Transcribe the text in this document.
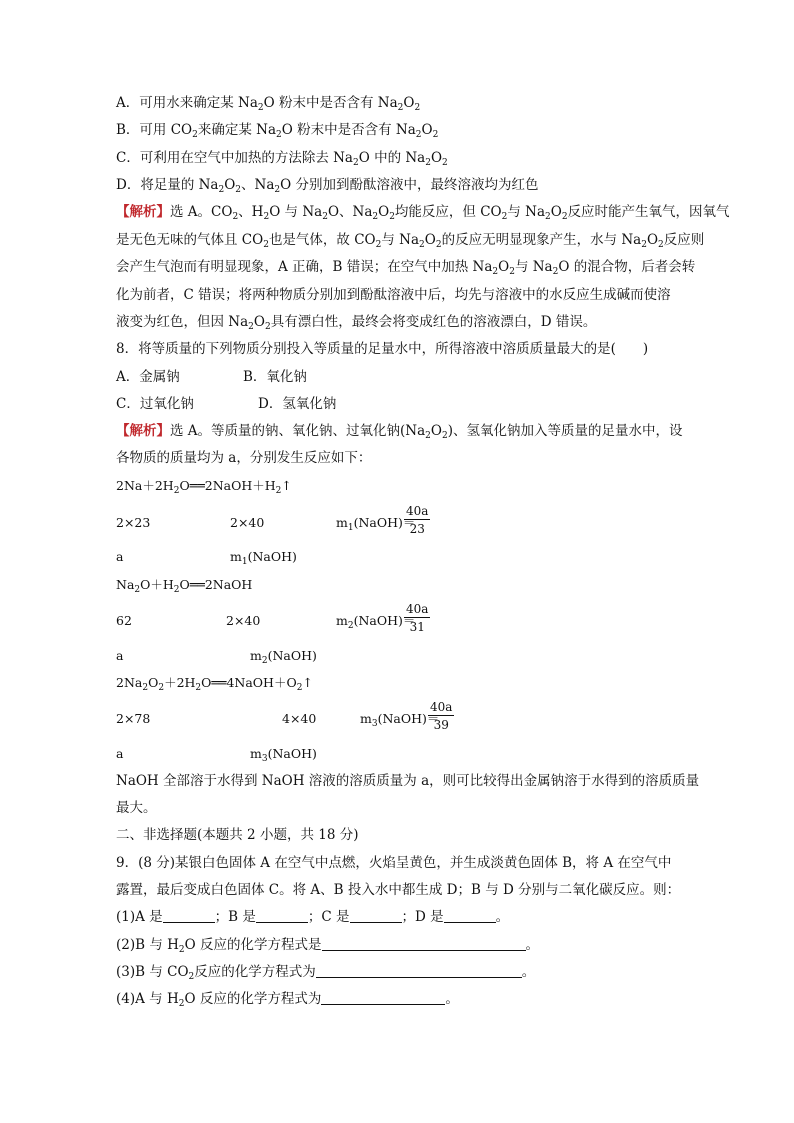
A．可用水来确定某 $Na_2O$ 粉末中是否含有 $Na_2O_2$
B．可用 $CO_2$来确定某 $Na_2O$ 粉末中是否含有 $Na_2O_2$
C．可利用在空气中加热的方法除去 $Na_2O$ 中的 $Na_2O_2$
D．将足量的 $Na_2O_2$、$Na_2O$ 分别加到酚酞溶液中，最终溶液均为红色
【解析】选 A。$CO_2$、$H_2O$ 与 $Na_2O$、$Na_2O_2$均能反应，但 $CO_2$与 $Na_2O_2$反应时能产生氧气，因氧气
是无色无味的气体且 $CO_2$也是气体，故 $CO_2$与 $Na_2O_2$的反应无明显现象产生，水与 $Na_2O_2$反应则
会产生气泡而有明显现象，A 正确，B 错误；在空气中加热 $Na_2O_2$与 $Na_2O$ 的混合物，后者会转
化为前者，C 错误；将两种物质分别加到酚酞溶液中后，均先与溶液中的水反应生成碱而使溶
液变为红色，但因 $Na_2O_2$具有漂白性，最终会将变成红色的溶液漂白，D 错误。
8．将等质量的下列物质分别投入等质量的足量水中，所得溶液中溶质质量最大的是(　　)
A．金属钠	B．氧化钠
C．过氧化钠	D．氢氧化钠
【解析】选 A。等质量的钠、氧化钠、过氧化钠$(Na_2O_2)$、氢氧化钠加入等质量的足量水中，设
各物质的质量均为 a，分别发生反应如下：
$2Na+2H_2O══2NaOH+H_2↑$
2×23	2×40	$m_1(NaOH)=$
$\frac{40a}{23}$
a	$m_1(NaOH)$
$Na_2O+H_2O══2NaOH$
62	2×40	$m_2(NaOH)=$
$\frac{40a}{31}$
a	$m_2(NaOH)$
$2Na_2O_2+2H_2O══4NaOH+O_2↑$
2×78	4×40	$m_3(NaOH)=$
$\frac{40a}{39}$
a	$m_3(NaOH)$
NaOH 全部溶于水得到 NaOH 溶液的溶质质量为 a，则可比较得出金属钠溶于水得到的溶质质量
最大。
二、非选择题(本题共 2 小题，共 18 分)
9．(8 分)某银白色固体 A 在空气中点燃，火焰呈黄色，并生成淡黄色固体 B，将 A 在空气中
露置，最后变成白色固体 C。将 A、B 投入水中都生成 D；B 与 D 分别与二氧化碳反应。则：
(1)A 是	；B 是	；C 是	；D 是	。
(2)B 与 $H_2O$ 反应的化学方程式是	。
(3)B 与 $CO_2$反应的化学方程式为	。
(4)A 与 $H_2O$ 反应的化学方程式为	。
